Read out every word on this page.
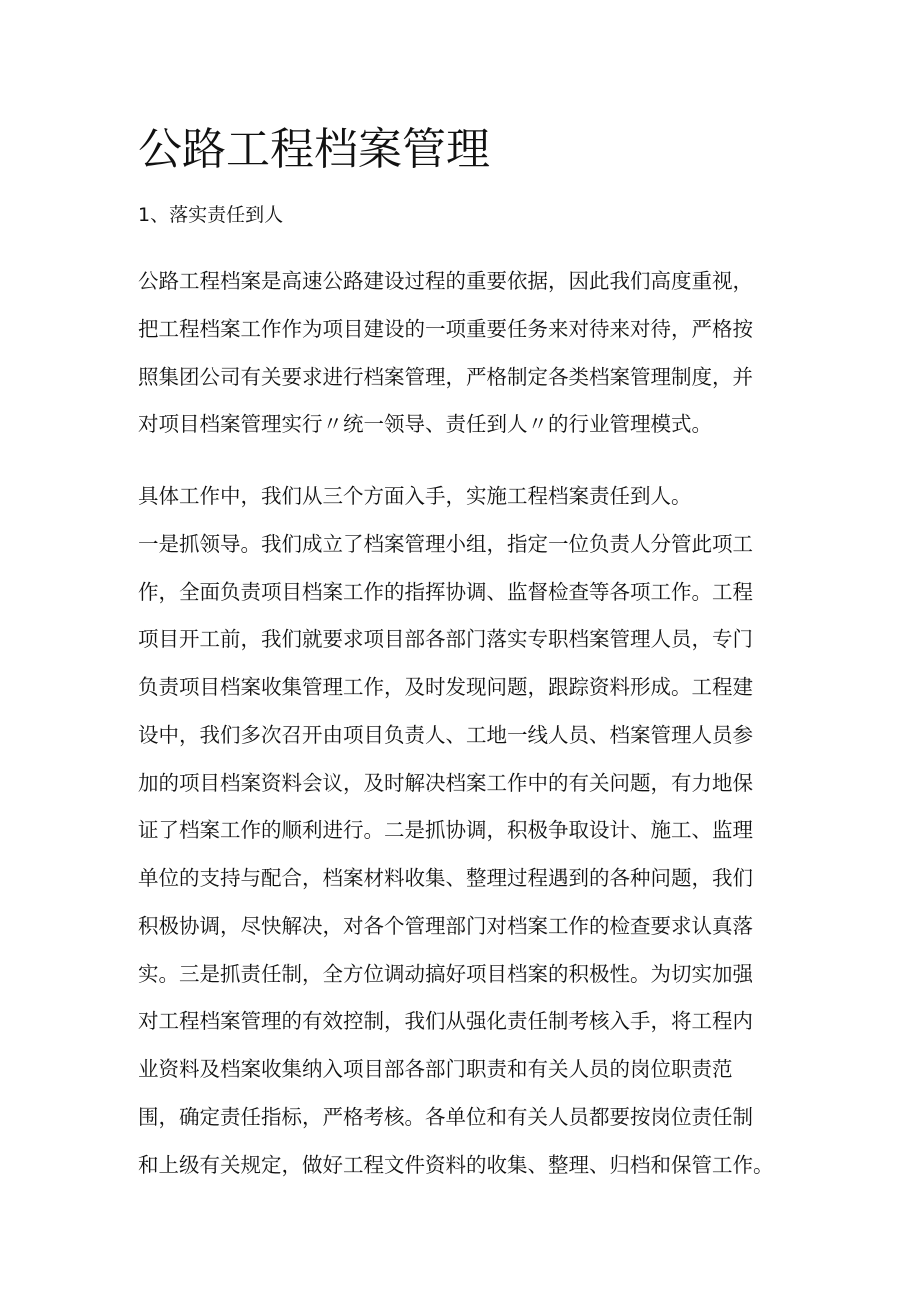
公路工程档案管理
1、落实责任到人
公路工程档案是高速公路建设过程的重要依据，因此我们高度重视，
把工程档案工作作为项目建设的一项重要任务来对待来对待，严格按
照集团公司有关要求进行档案管理，严格制定各类档案管理制度，并
对项目档案管理实行〃统一领导、责任到人〃的行业管理模式。
具体工作中，我们从三个方面入手，实施工程档案责任到人。
一是抓领导。我们成立了档案管理小组，指定一位负责人分管此项工
作，全面负责项目档案工作的指挥协调、监督检查等各项工作。工程
项目开工前，我们就要求项目部各部门落实专职档案管理人员，专门
负责项目档案收集管理工作，及时发现问题，跟踪资料形成。工程建
设中，我们多次召开由项目负责人、工地一线人员、档案管理人员参
加的项目档案资料会议，及时解决档案工作中的有关问题，有力地保
证了档案工作的顺利进行。二是抓协调，积极争取设计、施工、监理
单位的支持与配合，档案材料收集、整理过程遇到的各种问题，我们
积极协调，尽快解决，对各个管理部门对档案工作的检查要求认真落
实。三是抓责任制，全方位调动搞好项目档案的积极性。为切实加强
对工程档案管理的有效控制，我们从强化责任制考核入手，将工程内
业资料及档案收集纳入项目部各部门职责和有关人员的岗位职责范
围，确定责任指标，严格考核。各单位和有关人员都要按岗位责任制
和上级有关规定，做好工程文件资料的收集、整理、归档和保管工作。
